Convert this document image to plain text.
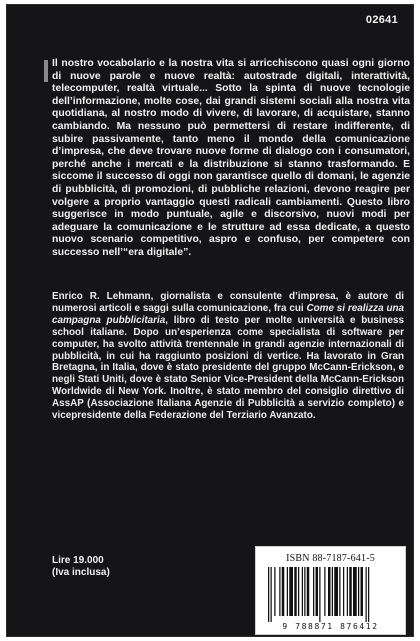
02641

Il nostro vocabolario e la nostra vita si arricchiscono quasi ogni giorno di nuove parole e nuove realtà: autostrade digitali, interattività, telecomputer, realtà virtuale... Sotto la spinta di nuove tecnologie dell’informazione, molte cose, dai grandi sistemi sociali alla nostra vita quotidiana, al nostro modo di vivere, di lavorare, di acquistare, stanno cambiando. Ma nessuno può permettersi di restare indifferente, di subire passivamente, tanto meno il mondo della comunicazione d’impresa, che deve trovare nuove forme di dialogo con i consumatori, perché anche i mercati e la distribuzione si stanno trasformando. E siccome il successo di oggi non garantisce quello di domani, le agenzie di pubblicità, di promozioni, di pubbliche relazioni, devono reagire per volgere a proprio vantaggio questi radicali cambiamenti. Questo libro suggerisce in modo puntuale, agile e discorsivo, nuovi modi per adeguare la comunicazione e le strutture ad essa dedicate, a questo nuovo scenario competitivo, aspro e confuso, per competere con successo nell’“era digitale”.

Enrico R. Lehmann, giornalista e consulente d’impresa, è autore di numerosi articoli e saggi sulla comunicazione, fra cui Come si realizza una campagna pubblicitaria, libro di testo per molte università e business school italiane. Dopo un’esperienza come specialista di software per computer, ha svolto attività trentennale in grandi agenzie internazionali di pubblicità, in cui ha raggiunto posizioni di vertice. Ha lavorato in Gran Bretagna, in Italia, dove è stato presidente del gruppo McCann-Erickson, e negli Stati Uniti, dove è stato Senior Vice-President della McCann-Erickson Worldwide di New York. Inoltre, è stato membro del consiglio direttivo di AssAP (Associazione Italiana Agenzie di Pubblicità a servizio completo) e vicepresidente della Federazione del Terziario Avanzato.

Lire 19.000
(Iva inclusa)
ISBN 88-7187-641-5
9 788871 876412
